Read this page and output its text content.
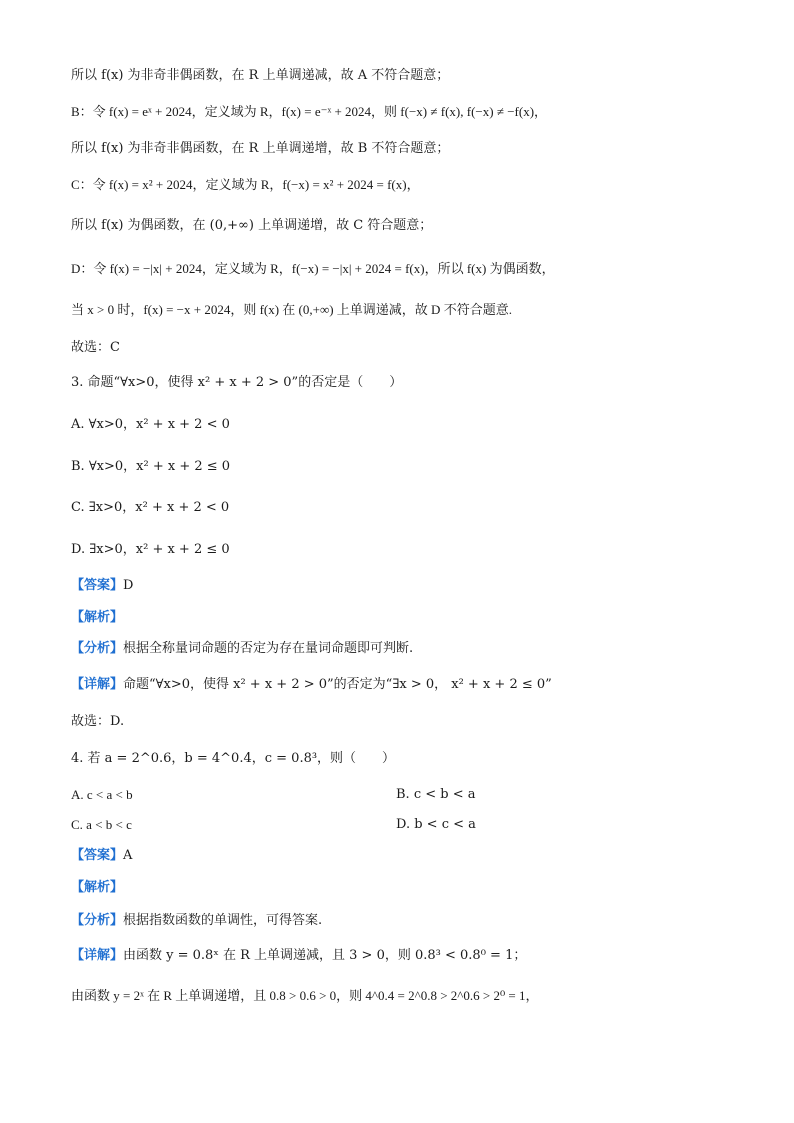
所以 f(x) 为非奇非偶函数，在 R 上单调递减，故 A 不符合题意；
B：令 f(x) = eˣ + 2024，定义域为 R，f(x) = e⁻ˣ + 2024，则 f(−x) ≠ f(x), f(−x) ≠ −f(x)，
所以 f(x) 为非奇非偶函数，在 R 上单调递增，故 B 不符合题意；
C：令 f(x) = x² + 2024，定义域为 R，f(−x) = x² + 2024 = f(x)，
所以 f(x) 为偶函数，在 (0,+∞) 上单调递增，故 C 符合题意；
D：令 f(x) = −|x| + 2024，定义域为 R，f(−x) = −|x| + 2024 = f(x)，所以 f(x) 为偶函数，
当 x > 0 时，f(x) = −x + 2024，则 f(x) 在 (0,+∞) 上单调递减，故 D 不符合题意.
故选：C
3. 命题“∀x>0，使得 x² + x + 2 > 0”的否定是（　　）
A. ∀x>0，x² + x + 2 < 0
B. ∀x>0，x² + x + 2 ≤ 0
C. ∃x>0，x² + x + 2 < 0
D. ∃x>0，x² + x + 2 ≤ 0
【答案】D
【解析】
【分析】根据全称量词命题的否定为存在量词命题即可判断.
【详解】命题“∀x>0，使得 x² + x + 2 > 0”的否定为“∃x > 0， x² + x + 2 ≤ 0”
故选：D.
4. 若 a = 2^0.6，b = 4^0.4，c = 0.8³，则（　　）
A. c < a < b	B. c < b < a
C. a < b < c	D. b < c < a
【答案】A
【解析】
【分析】根据指数函数的单调性，可得答案.
【详解】由函数 y = 0.8ˣ 在 R 上单调递减，且 3 > 0，则 0.8³ < 0.8⁰ = 1；
由函数 y = 2ˣ 在 R 上单调递增，且 0.8 > 0.6 > 0，则 4^0.4 = 2^0.8 > 2^0.6 > 2⁰ = 1，
